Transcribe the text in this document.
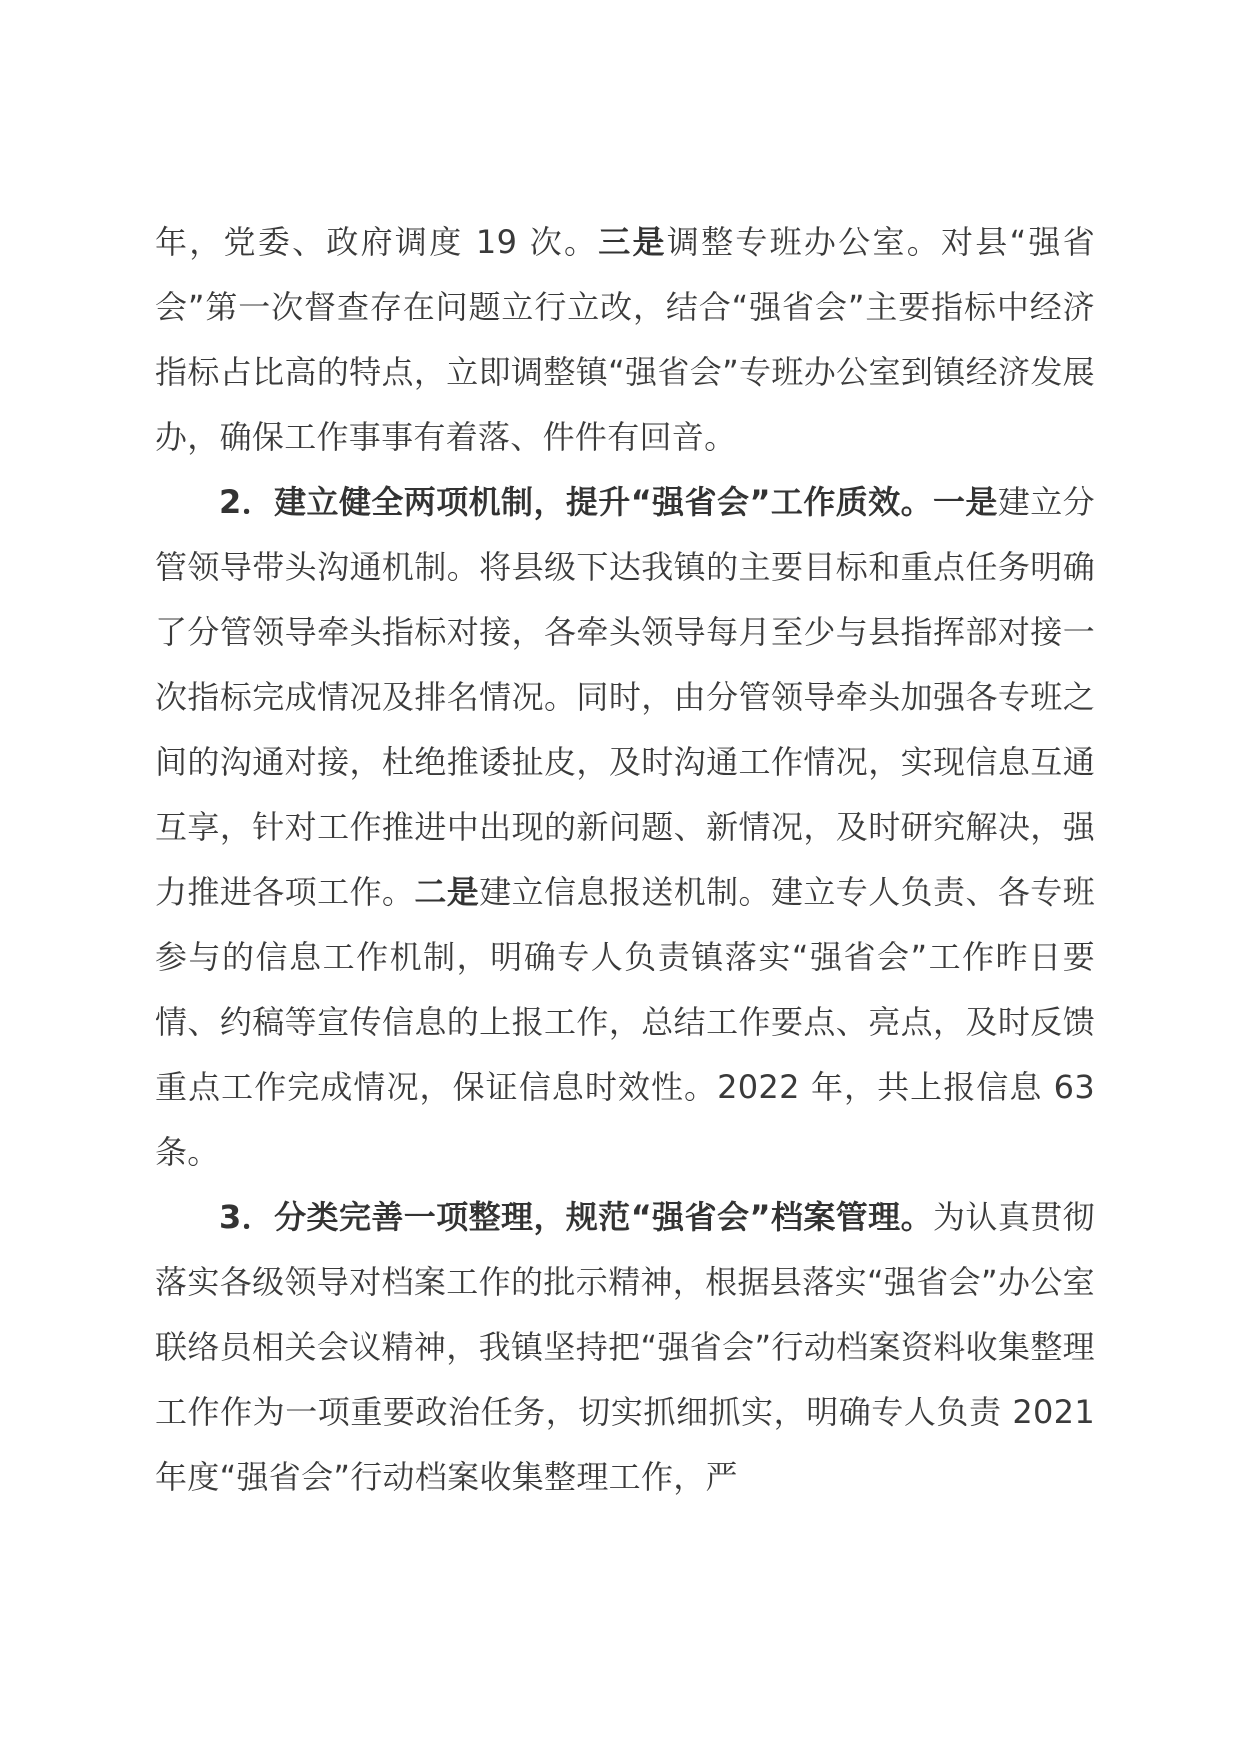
年，党委、政府调度 19 次。三是调整专班办公室。对县“强省会”第一次督查存在问题立行立改，结合“强省会”主要指标中经济指标占比高的特点，立即调整镇“强省会”专班办公室到镇经济发展办，确保工作事事有着落、件件有回音。

2．建立健全两项机制，提升“强省会”工作质效。一是建立分管领导带头沟通机制。将县级下达我镇的主要目标和重点任务明确了分管领导牵头指标对接，各牵头领导每月至少与县指挥部对接一次指标完成情况及排名情况。同时，由分管领导牵头加强各专班之间的沟通对接，杜绝推诿扯皮，及时沟通工作情况，实现信息互通互享，针对工作推进中出现的新问题、新情况，及时研究解决，强力推进各项工作。二是建立信息报送机制。建立专人负责、各专班参与的信息工作机制，明确专人负责镇落实“强省会”工作昨日要情、约稿等宣传信息的上报工作，总结工作要点、亮点，及时反馈重点工作完成情况，保证信息时效性。2022 年，共上报信息 63 条。

3．分类完善一项整理，规范“强省会”档案管理。为认真贯彻落实各级领导对档案工作的批示精神，根据县落实“强省会”办公室联络员相关会议精神，我镇坚持把“强省会”行动档案资料收集整理工作作为一项重要政治任务，切实抓细抓实，明确专人负责 2021 年度“强省会”行动档案收集整理工作，严
